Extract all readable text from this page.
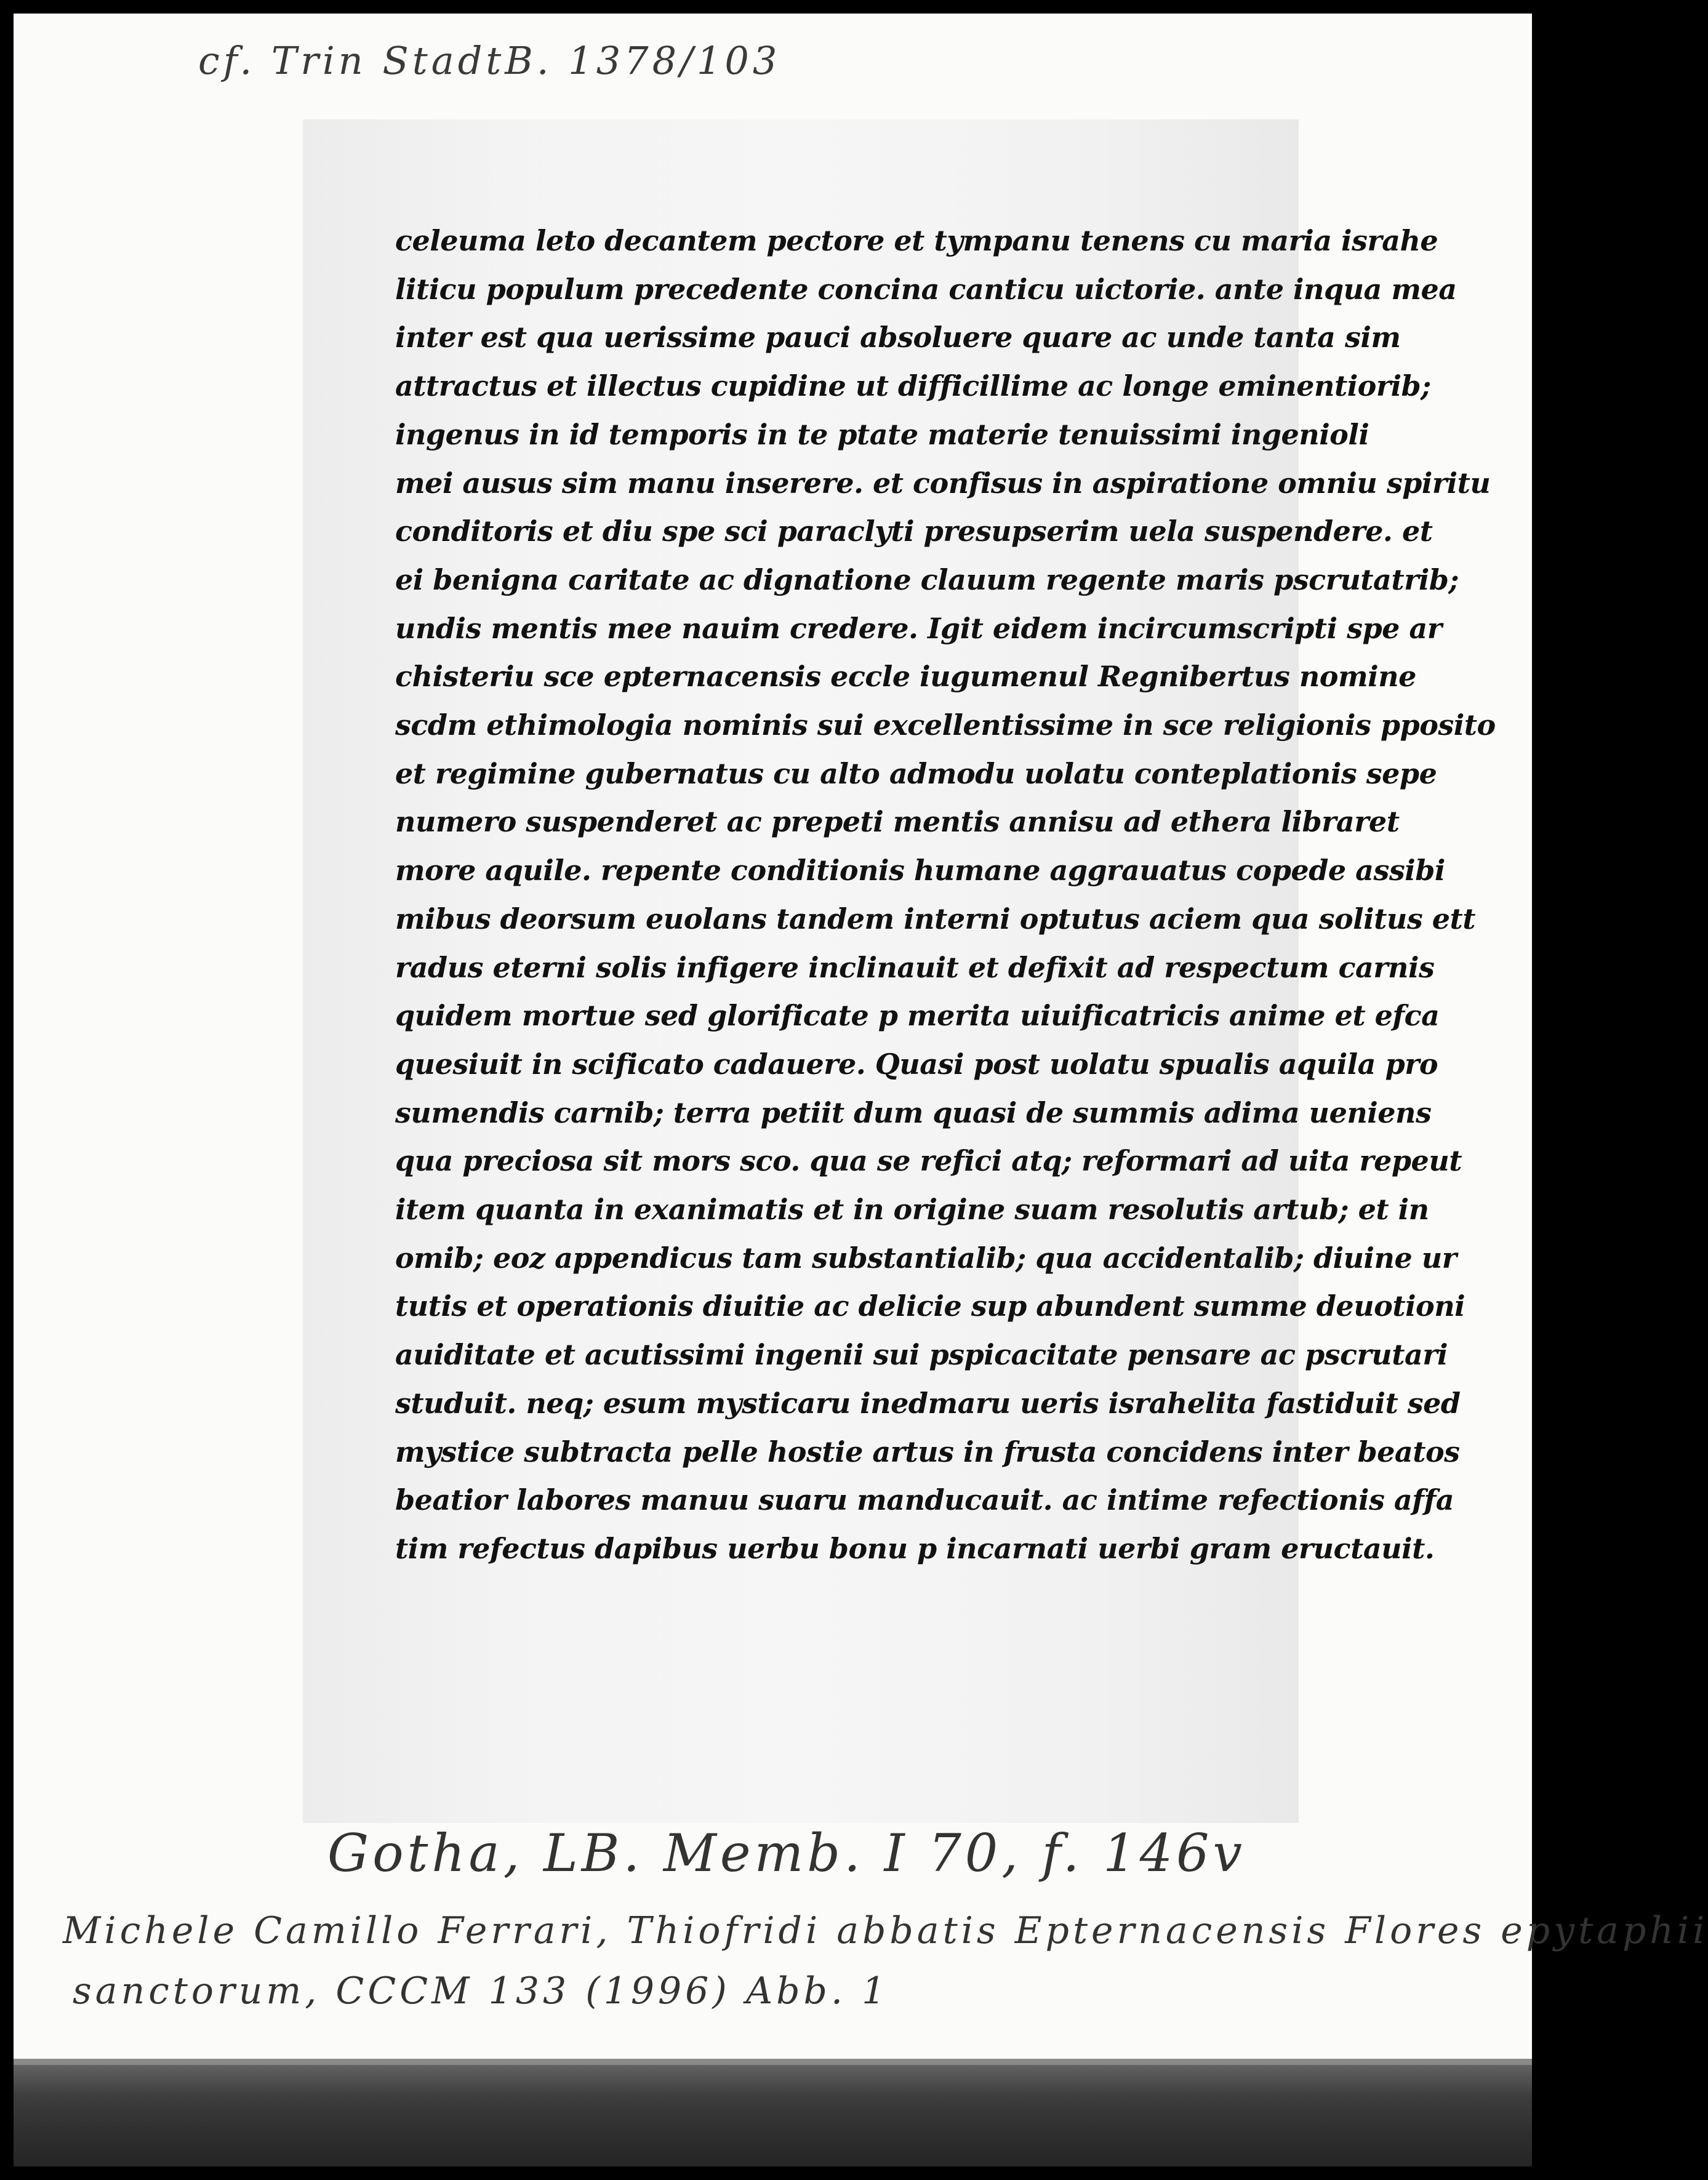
cf. Trin StadtB. 1378/103
celeuma leto decantem pectore et tympanu tenens cu maria israhe
liticu populum precedente concina canticu uictorie. ante inqua mea
inter est qua uerissime pauci absoluere quare ac unde tanta sim
attractus et illectus cupidine ut difficillime ac longe eminentiorib;
ingenus in id temporis in te ptate materie tenuissimi ingenioli
mei ausus sim manu inserere. et confisus in aspiratione omniu spiritu
conditoris et diu spe sci paraclyti presupserim uela suspendere. et
ei benigna caritate ac dignatione clauum regente maris pscrutatrib;
undis mentis mee nauim credere. Igit eidem incircumscripti spe ar
chisteriu sce epternacensis eccle iugumenul Regnibertus nomine
scdm ethimologia nominis sui excellentissime in sce religionis pposito
et regimine gubernatus cu alto admodu uolatu conteplationis sepe
numero suspenderet ac prepeti mentis annisu ad ethera libraret
more aquile. repente conditionis humane aggrauatus copede assibi
mibus deorsum euolans tandem interni optutus aciem qua solitus ett
radus eterni solis infigere inclinauit et defixit ad respectum carnis
quidem mortue sed glorificate p merita uiuificatricis anime et efca
quesiuit in scificato cadauere. Quasi post uolatu spualis aquila pro
sumendis carnib; terra petiit dum quasi de summis adima ueniens
qua preciosa sit mors sco. qua se refici atq; reformari ad uita repeut
item quanta in exanimatis et in origine suam resolutis artub; et in
omib; eoz appendicus tam substantialib; qua accidentalib; diuine ur
tutis et operationis diuitie ac delicie sup abundent summe deuotioni
auiditate et acutissimi ingenii sui pspicacitate pensare ac pscrutari
studuit. neq; esum mysticaru inedmaru ueris israhelita fastiduit sed
mystice subtracta pelle hostie artus in frusta concidens inter beatos
beatior labores manuu suaru manducauit. ac intime refectionis affa
tim refectus dapibus uerbu bonu p incarnati uerbi gram eructauit.
Gotha, LB. Memb. I 70, f. 146v
Michele Camillo Ferrari, Thiofridi abbatis Epternacensis Flores epytaphii
sanctorum, CCCM 133 (1996) Abb. 1
